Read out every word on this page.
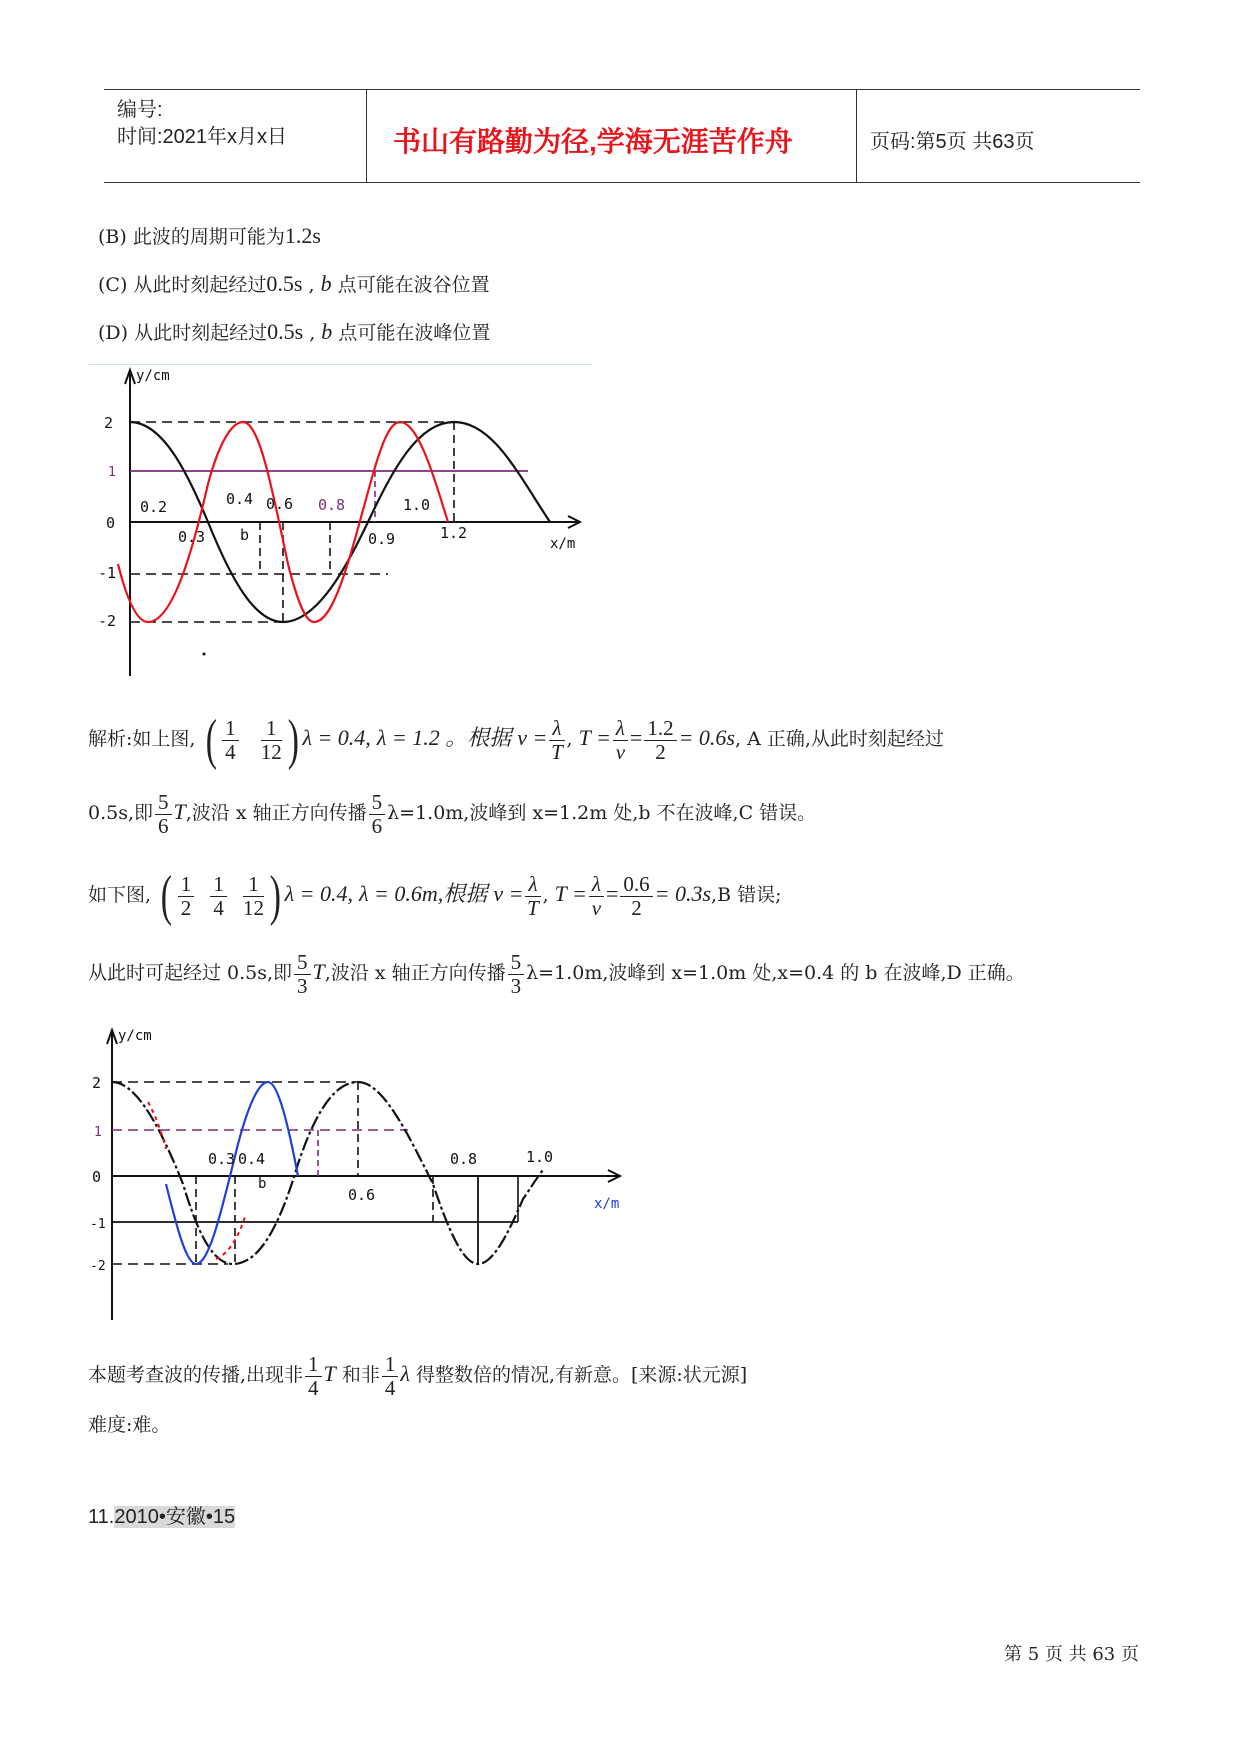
编号:
时间:2021年x月x日	书山有路勤为径,学海无涯苦作舟	页码:第5页 共63页
(B) 此波的周期可能为1.2s
(C) 从此时刻起经过0.5s , b 点可能在波谷位置
(D) 从此时刻起经过0.5s , b 点可能在波峰位置
2
1
0
-1
-2
0.2
0.3
0.4
b
0.6 0.8
0.9
1.0
1.2
y/cm
x/m
解析:如上图, ( $\frac{1}{4}$
$\frac{1}{12}$ ) λ = 0.4, λ = 1.2 。根据 $v = \frac{\lambda}{T}$ , $T = \frac{\lambda}{v} = \frac{1.2}{2} = 0.6s$, A 正确,从此时刻起经过
0.5s,即 $\frac{5}{6} T$,波沿 x 轴正方向传播 $\frac{5}{6} \lambda=1.0m$,波峰到 x=1.2m 处,b 不在波峰,C 错误。
如下图, ( $\frac{1}{2}$
$\frac{1}{4}$
$\frac{1}{12}$ ) λ = 0.4, λ = 0.6m,根据 $v = \frac{\lambda}{T}$ , $T = \frac{\lambda}{v} = \frac{0.6}{2} = 0.3s,B$ 错误;
从此时可起经过 0.5s,即 $\frac{5}{3} T$,波沿 x 轴正方向传播 $\frac{5}{3} \lambda=1.0m$,波峰到 x=1.0m 处,x=0.4 的 b 在波峰,D 正确。
2
1
0
-1
-2
0.3 0.4
b
0.6
0.8	1.0
y/cm
x/m
本题考查波的传播,出现非 $\frac{1}{4}$ T 和非 $\frac{1}{4}$ λ 得整数倍的情况,有新意。[来源:状元源]
难度:难。
11.2010•安徽•15
第 5 页 共 63 页
